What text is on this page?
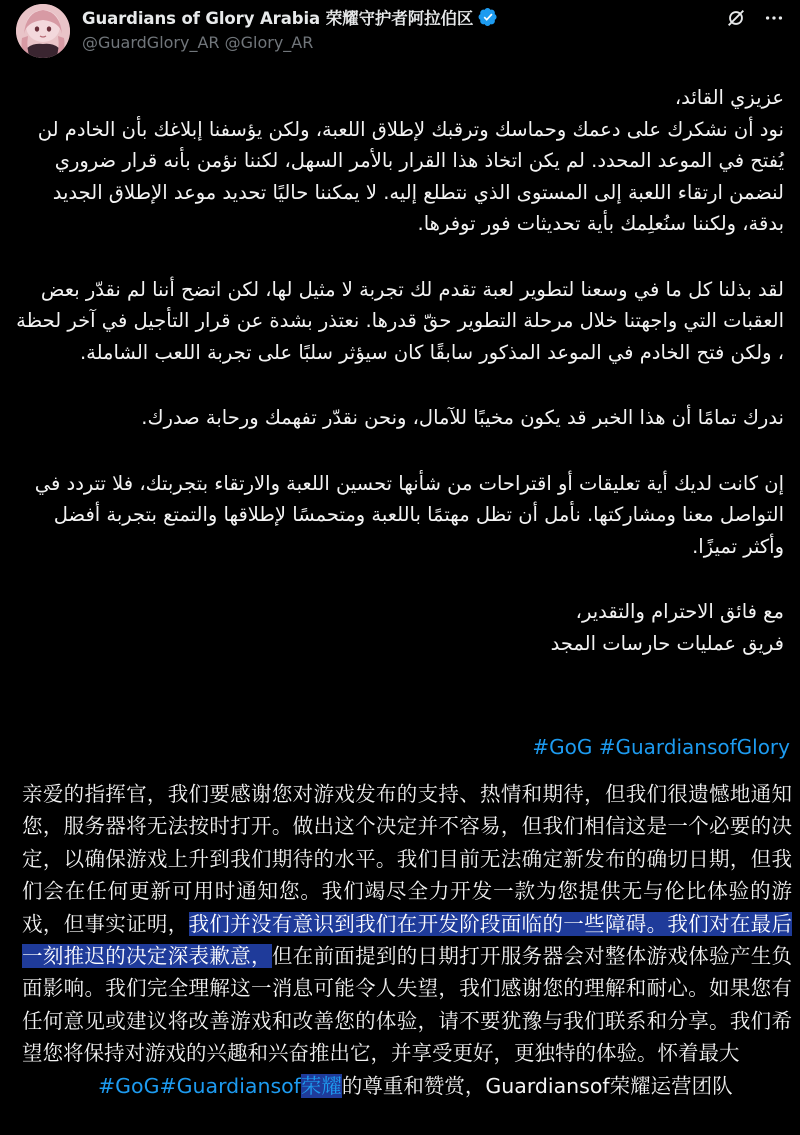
Guardians of Glory Arabia 荣耀守护者阿拉伯区
@GuardGlory_AR @Glory_AR

عزيزي القائد،
نود أن نشكرك على دعمك وحماسك وترقبك لإطلاق اللعبة، ولكن يؤسفنا إبلاغك بأن الخادم لن يُفتح في الموعد المحدد. لم يكن اتخاذ هذا القرار بالأمر السهل، لكننا نؤمن بأنه قرار ضروري لنضمن ارتقاء اللعبة إلى المستوى الذي نتطلع إليه. لا يمكننا حاليًا تحديد موعد الإطلاق الجديد بدقة، ولكننا سنُعلِمك بأية تحديثات فور توفرها.

لقد بذلنا كل ما في وسعنا لتطوير لعبة تقدم لك تجربة لا مثيل لها، لكن اتضح أننا لم نقدّر بعض العقبات التي واجهتنا خلال مرحلة التطوير حقّ قدرها. نعتذر بشدة عن قرار التأجيل في آخر لحظة ، ولكن فتح الخادم في الموعد المذكور سابقًا كان سيؤثر سلبًا على تجربة اللعب الشاملة.

ندرك تمامًا أن هذا الخبر قد يكون مخيبًا للآمال، ونحن نقدّر تفهمك ورحابة صدرك.

إن كانت لديك أية تعليقات أو اقتراحات من شأنها تحسين اللعبة والارتقاء بتجربتك، فلا تتردد في التواصل معنا ومشاركتها. نأمل أن تظل مهتمًا باللعبة ومتحمسًا لإطلاقها والتمتع بتجربة أفضل وأكثر تميزًا.

مع فائق الاحترام والتقدير،
فريق عمليات حارسات المجد

#GoG #GuardiansofGlory
亲爱的指挥官，我们要感谢您对游戏发布的支持、热情和期待，但我们很遗憾地通知您，服务器将无法按时打开。做出这个决定并不容易，但我们相信这是一个必要的决定，以确保游戏上升到我们期待的水平。我们目前无法确定新发布的确切日期，但我们会在任何更新可用时通知您。我们竭尽全力开发一款为您提供无与伦比体验的游戏，但事实证明，我们并没有意识到我们在开发阶段面临的一些障碍。我们对在最后一刻推迟的决定深表歉意，但在前面提到的日期打开服务器会对整体游戏体验产生负面影响。我们完全理解这一消息可能令人失望，我们感谢您的理解和耐心。如果您有任何意见或建议将改善游戏和改善您的体验，请不要犹豫与我们联系和分享。我们希望您将保持对游戏的兴趣和兴奋推出它，并享受更好，更独特的体验。怀着最大
#GoG#Guardiansof荣耀的尊重和赞赏，Guardiansof荣耀运营团队
